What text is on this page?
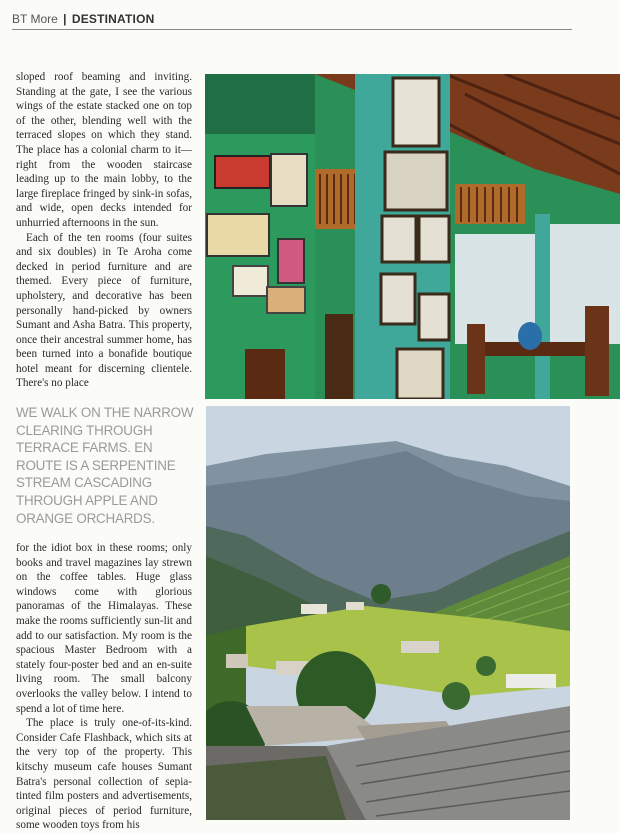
BT More | DESTINATION

sloped roof beaming and inviting. Standing at the gate, I see the various wings of the estate stacked one on top of the other, blending well with the terraced slopes on which they stand. The place has a colonial charm to it—right from the wooden staircase leading up to the main lobby, to the large fireplace fringed by sink-in sofas, and wide, open decks intended for unhurried afternoons in the sun.

Each of the ten rooms (four suites and six doubles) in Te Aroha come decked in period furniture and are themed. Every piece of furniture, upholstery, and decorative has been personally hand-picked by owners Sumant and Asha Batra. This property, once their ancestral summer home, has been turned into a bonafide boutique hotel meant for discerning clientele. There's no place

WE WALK ON THE NARROW CLEARING THROUGH TERRACE FARMS. EN ROUTE IS A SERPENTINE STREAM CASCADING THROUGH APPLE AND ORANGE ORCHARDS.

for the idiot box in these rooms; only books and travel magazines lay strewn on the coffee tables. Huge glass windows come with glorious panoramas of the Himalayas. These make the rooms sufficiently sun-lit and add to our satisfaction. My room is the spacious Master Bedroom with a stately four-poster bed and an en-suite living room. The small balcony overlooks the valley below. I intend to spend a lot of time here.

The place is truly one-of-its-kind. Consider Cafe Flashback, which sits at the very top of the property. This kitschy museum cafe houses Sumant Batra's personal collection of sepia-tinted film posters and advertisements, original pieces of period furniture, some wooden toys from his
